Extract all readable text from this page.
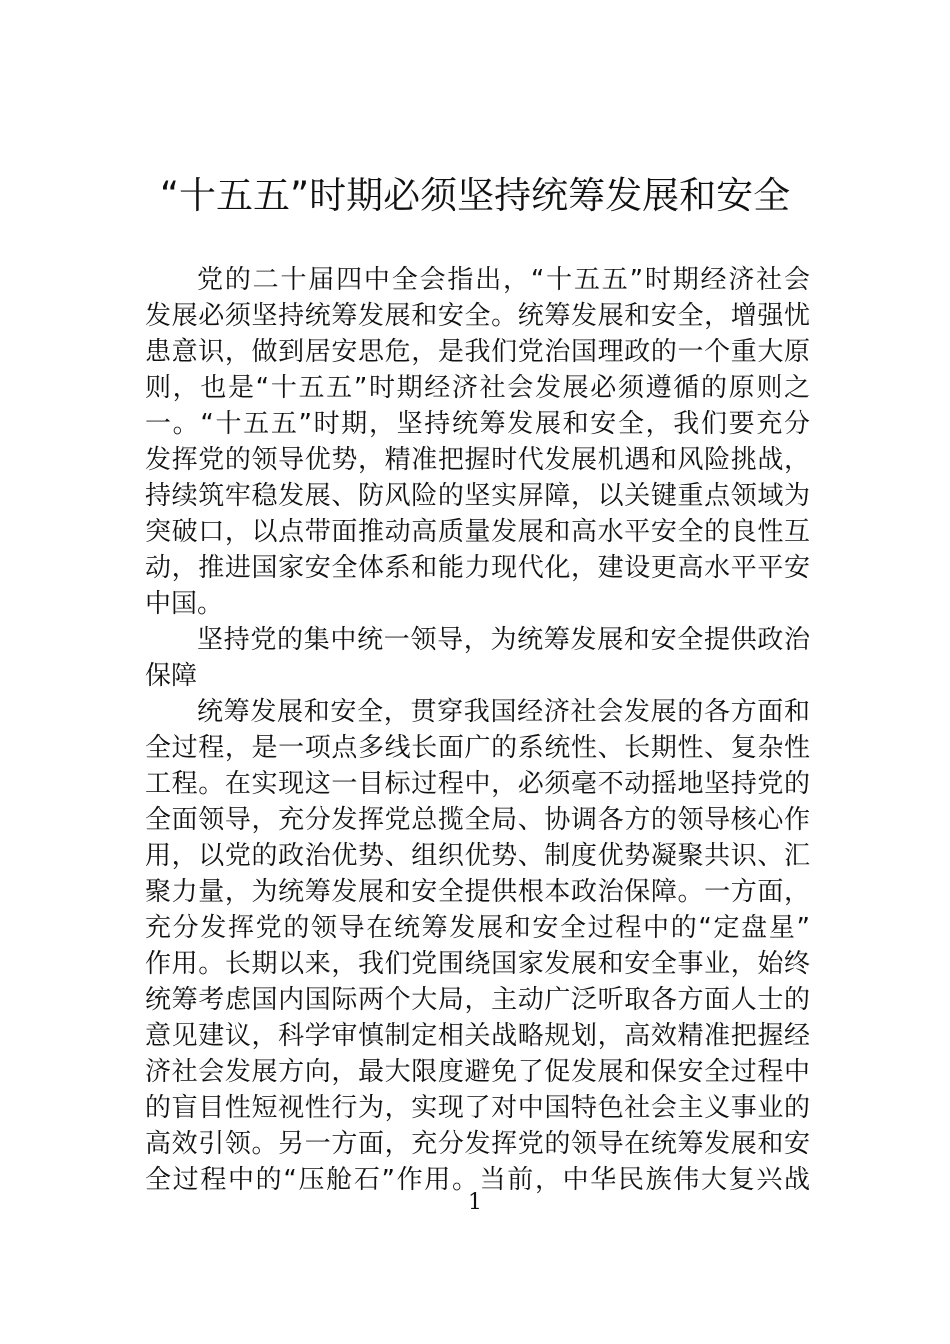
“十五五”时期必须坚持统筹发展和安全
党的二十届四中全会指出，“十五五”时期经济社会
发展必须坚持统筹发展和安全。统筹发展和安全，增强忧
患意识，做到居安思危，是我们党治国理政的一个重大原
则，也是“十五五”时期经济社会发展必须遵循的原则之
一。“十五五”时期，坚持统筹发展和安全，我们要充分
发挥党的领导优势，精准把握时代发展机遇和风险挑战，
持续筑牢稳发展、防风险的坚实屏障，以关键重点领域为
突破口，以点带面推动高质量发展和高水平安全的良性互
动，推进国家安全体系和能力现代化，建设更高水平平安
中国。
坚持党的集中统一领导，为统筹发展和安全提供政治
保障
统筹发展和安全，贯穿我国经济社会发展的各方面和
全过程，是一项点多线长面广的系统性、长期性、复杂性
工程。在实现这一目标过程中，必须毫不动摇地坚持党的
全面领导，充分发挥党总揽全局、协调各方的领导核心作
用，以党的政治优势、组织优势、制度优势凝聚共识、汇
聚力量，为统筹发展和安全提供根本政治保障。一方面，
充分发挥党的领导在统筹发展和安全过程中的“定盘星”
作用。长期以来，我们党围绕国家发展和安全事业，始终
统筹考虑国内国际两个大局，主动广泛听取各方面人士的
意见建议，科学审慎制定相关战略规划，高效精准把握经
济社会发展方向，最大限度避免了促发展和保安全过程中
的盲目性短视性行为，实现了对中国特色社会主义事业的
高效引领。另一方面，充分发挥党的领导在统筹发展和安
全过程中的“压舱石”作用。当前，中华民族伟大复兴战
1
